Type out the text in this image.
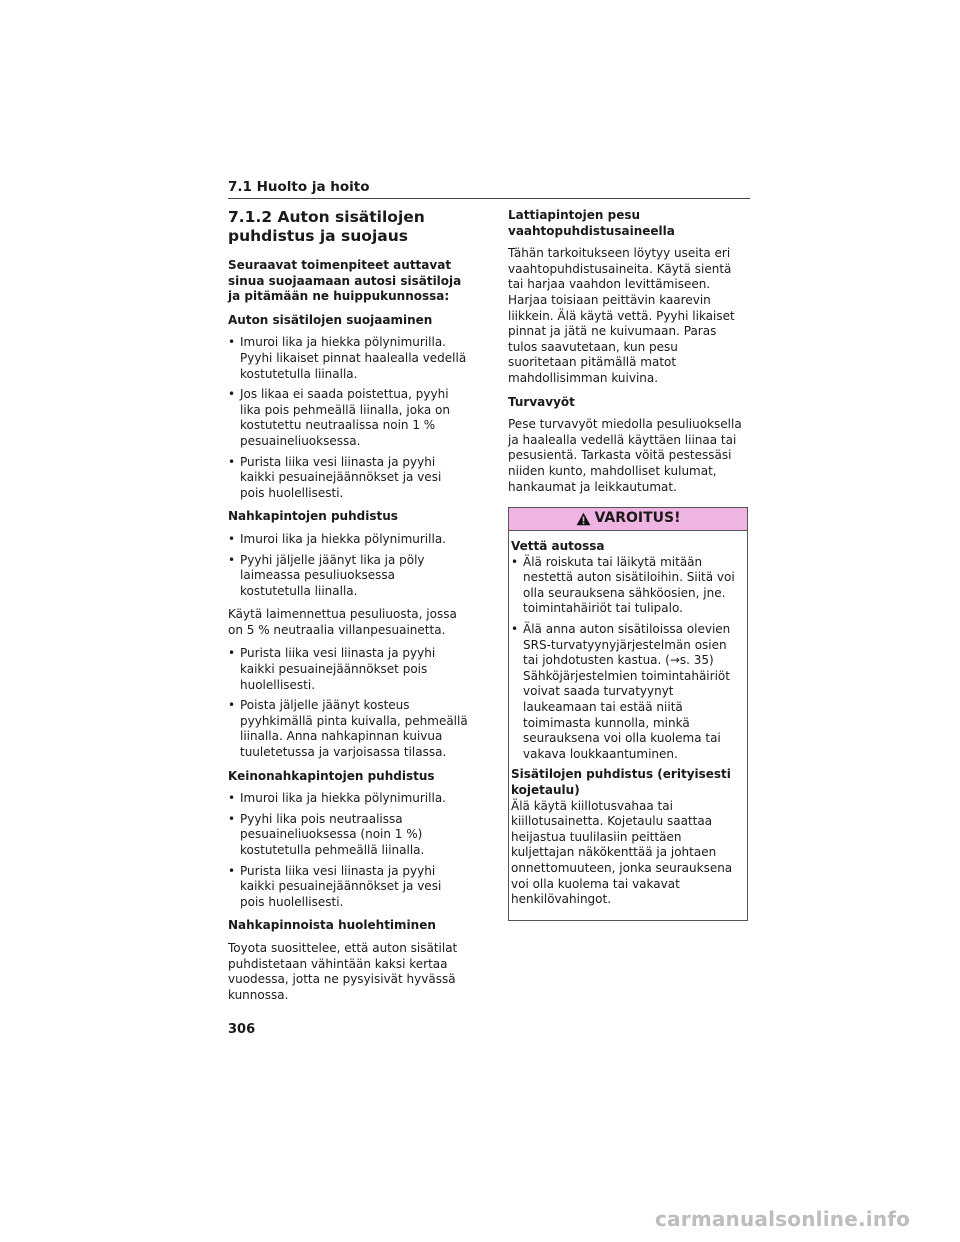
7.1 Huolto ja hoito
7.1.2 Auton sisätilojen puhdistus ja suojaus

Seuraavat toimenpiteet auttavat sinua suojaamaan autosi sisätiloja ja pitämään ne huippukunnossa:

Auton sisätilojen suojaaminen
• Imuroi lika ja hiekka pölynimurilla. Pyyhi likaiset pinnat haalealla vedellä kostutetulla liinalla.
• Jos likaa ei saada poistettua, pyyhi lika pois pehmeällä liinalla, joka on kostutettu neutraalissa noin 1 % pesuaineliuoksessa.
• Purista liika vesi liinasta ja pyyhi kaikki pesuainejäännökset ja vesi pois huolellisesti.
Nahkapintojen puhdistus
• Imuroi lika ja hiekka pölynimurilla.
• Pyyhi jäljelle jäänyt lika ja pöly laimeassa pesuliuoksessa kostutetulla liinalla.

Käytä laimennettua pesuliuosta, jossa on 5 % neutraalia villanpesuainetta.

• Purista liika vesi liinasta ja pyyhi kaikki pesuainejäännökset pois huolellisesti.
• Poista jäljelle jäänyt kosteus pyyhkimällä pinta kuivalla, pehmeällä liinalla. Anna nahkapinnan kuivua tuuletetussa ja varjoisassa tilassa.
Keinonahkapintojen puhdistus
• Imuroi lika ja hiekka pölynimurilla.
• Pyyhi lika pois neutraalissa pesuaineliuoksessa (noin 1 %) kostutetulla pehmeällä liinalla.
• Purista liika vesi liinasta ja pyyhi kaikki pesuainejäännökset ja vesi pois huolellisesti.
Nahkapinnoista huolehtiminen

Toyota suosittelee, että auton sisätilat puhdistetaan vähintään kaksi kertaa vuodessa, jotta ne pysyisivät hyvässä kunnossa.

Lattiapintojen pesu vaahtopuhdistusaineella

Tähän tarkoitukseen löytyy useita eri vaahtopuhdistusaineita. Käytä sientä tai harjaa vaahdon levittämiseen. Harjaa toisiaan peittävin kaarevin liikkein. Älä käytä vettä. Pyyhi likaiset pinnat ja jätä ne kuivumaan. Paras tulos saavutetaan, kun pesu suoritetaan pitämällä matot mahdollisimman kuivina.

Turvavyöt

Pese turvavyöt miedolla pesuliuoksella ja haalealla vedellä käyttäen liinaa tai pesusientä. Tarkasta vöitä pestessäsi niiden kunto, mahdolliset kulumat, hankaumat ja leikkautumat.

VAROITUS!
Vettä autossa
• Älä roiskuta tai läikytä mitään nestettä auton sisätiloihin. Siitä voi olla seurauksena sähköosien, jne. toimintahäiriöt tai tulipalo.
• Älä anna auton sisätiloissa olevien SRS-turvatyynyjärjestelmän osien tai johdotusten kastua. (→s. 35) Sähköjärjestelmien toimintahäiriöt voivat saada turvatyynyt laukeamaan tai estää niitä toimimasta kunnolla, minkä seurauksena voi olla kuolema tai vakava loukkaantuminen.
Sisätilojen puhdistus (erityisesti kojetaulu)

Älä käytä kiillotusvahaa tai kiillotusainetta. Kojetaulu saattaa heijastua tuulilasiin peittäen kuljettajan näkökenttää ja johtaen onnettomuuteen, jonka seurauksena voi olla kuolema tai vakavat henkilövahingot.

306
carmanualsonline.info
